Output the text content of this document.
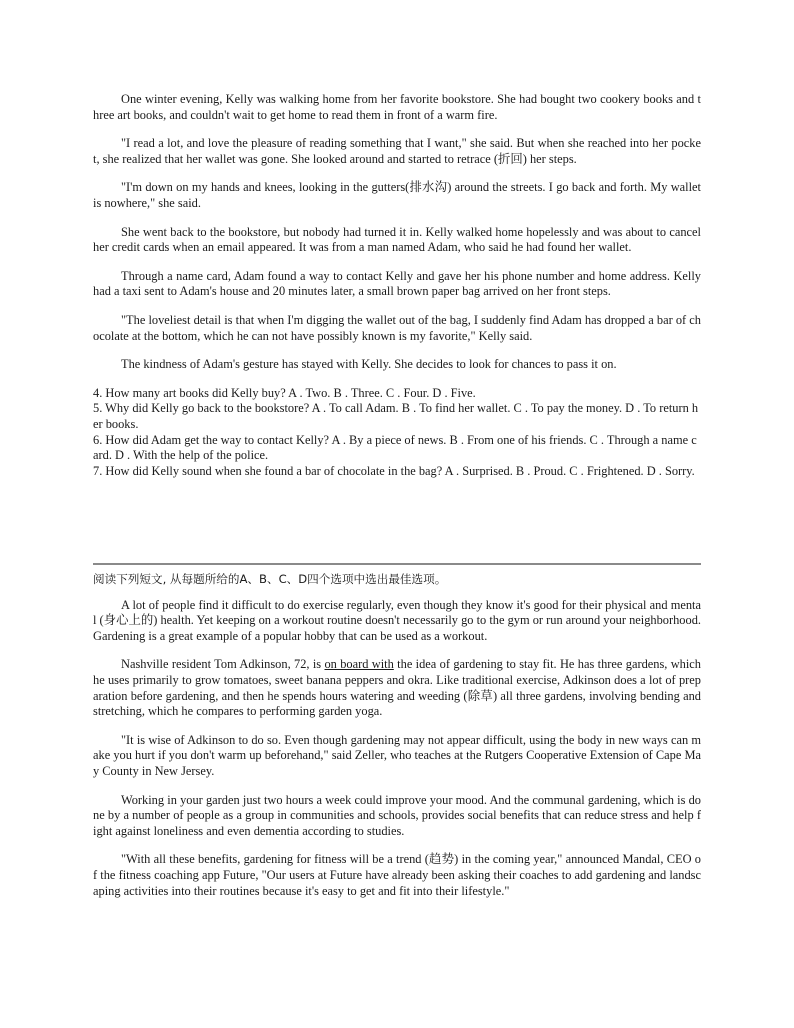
One winter evening, Kelly was walking home from her favorite bookstore. She had bought two cookery books and three art books, and couldn't wait to get home to read them in front of a warm fire.

"I read a lot, and love the pleasure of reading something that I want," she said. But when she reached into her pocket, she realized that her wallet was gone. She looked around and started to retrace (折回) her steps.

"I'm down on my hands and knees, looking in the gutters(排水沟) around the streets. I go back and forth. My wallet is nowhere," she said.

She went back to the bookstore, but nobody had turned it in. Kelly walked home hopelessly and was about to cancel her credit cards when an email appeared. It was from a man named Adam, who said he had found her wallet.

Through a name card, Adam found a way to contact Kelly and gave her his phone number and home address. Kelly had a taxi sent to Adam's house and 20 minutes later, a small brown paper bag arrived on her front steps.

"The loveliest detail is that when I'm digging the wallet out of the bag, I suddenly find Adam has dropped a bar of chocolate at the bottom, which he can not have possibly known is my favorite," Kelly said.

The kindness of Adam's gesture has stayed with Kelly. She decides to look for chances to pass it on.

4. How many art books did Kelly buy? A . Two. B . Three. C . Four. D . Five.

5. Why did Kelly go back to the bookstore? A . To call Adam. B . To find her wallet. C . To pay the money. D . To return her books.

6. How did Adam get the way to contact Kelly? A . By a piece of news. B . From one of his friends. C . Through a name card. D . With the help of the police.

7. How did Kelly sound when she found a bar of chocolate in the bag? A . Surprised. B . Proud. C . Frightened. D . Sorry.

阅读下列短文, 从每题所给的A、B、C、D四个选项中选出最佳选项。

A lot of people find it difficult to do exercise regularly, even though they know it's good for their physical and mental (身心上的) health. Yet keeping on a workout routine doesn't necessarily go to the gym or run around your neighborhood. Gardening is a great example of a popular hobby that can be used as a workout.

Nashville resident Tom Adkinson, 72, is on board with the idea of gardening to stay fit. He has three gardens, which he uses primarily to grow tomatoes, sweet banana peppers and okra. Like traditional exercise, Adkinson does a lot of preparation before gardening, and then he spends hours watering and weeding (除草) all three gardens, involving bending and stretching, which he compares to performing garden yoga.

"It is wise of Adkinson to do so. Even though gardening may not appear difficult, using the body in new ways can make you hurt if you don't warm up beforehand," said Zeller, who teaches at the Rutgers Cooperative Extension of Cape May County in New Jersey.

Working in your garden just two hours a week could improve your mood. And the communal gardening, which is done by a number of people as a group in communities and schools, provides social benefits that can reduce stress and help fight against loneliness and even dementia according to studies.

"With all these benefits, gardening for fitness will be a trend (趋势) in the coming year," announced Mandal, CEO of the fitness coaching app Future, "Our users at Future have already been asking their coaches to add gardening and landscaping activities into their routines because it's easy to get and fit into their lifestyle."
